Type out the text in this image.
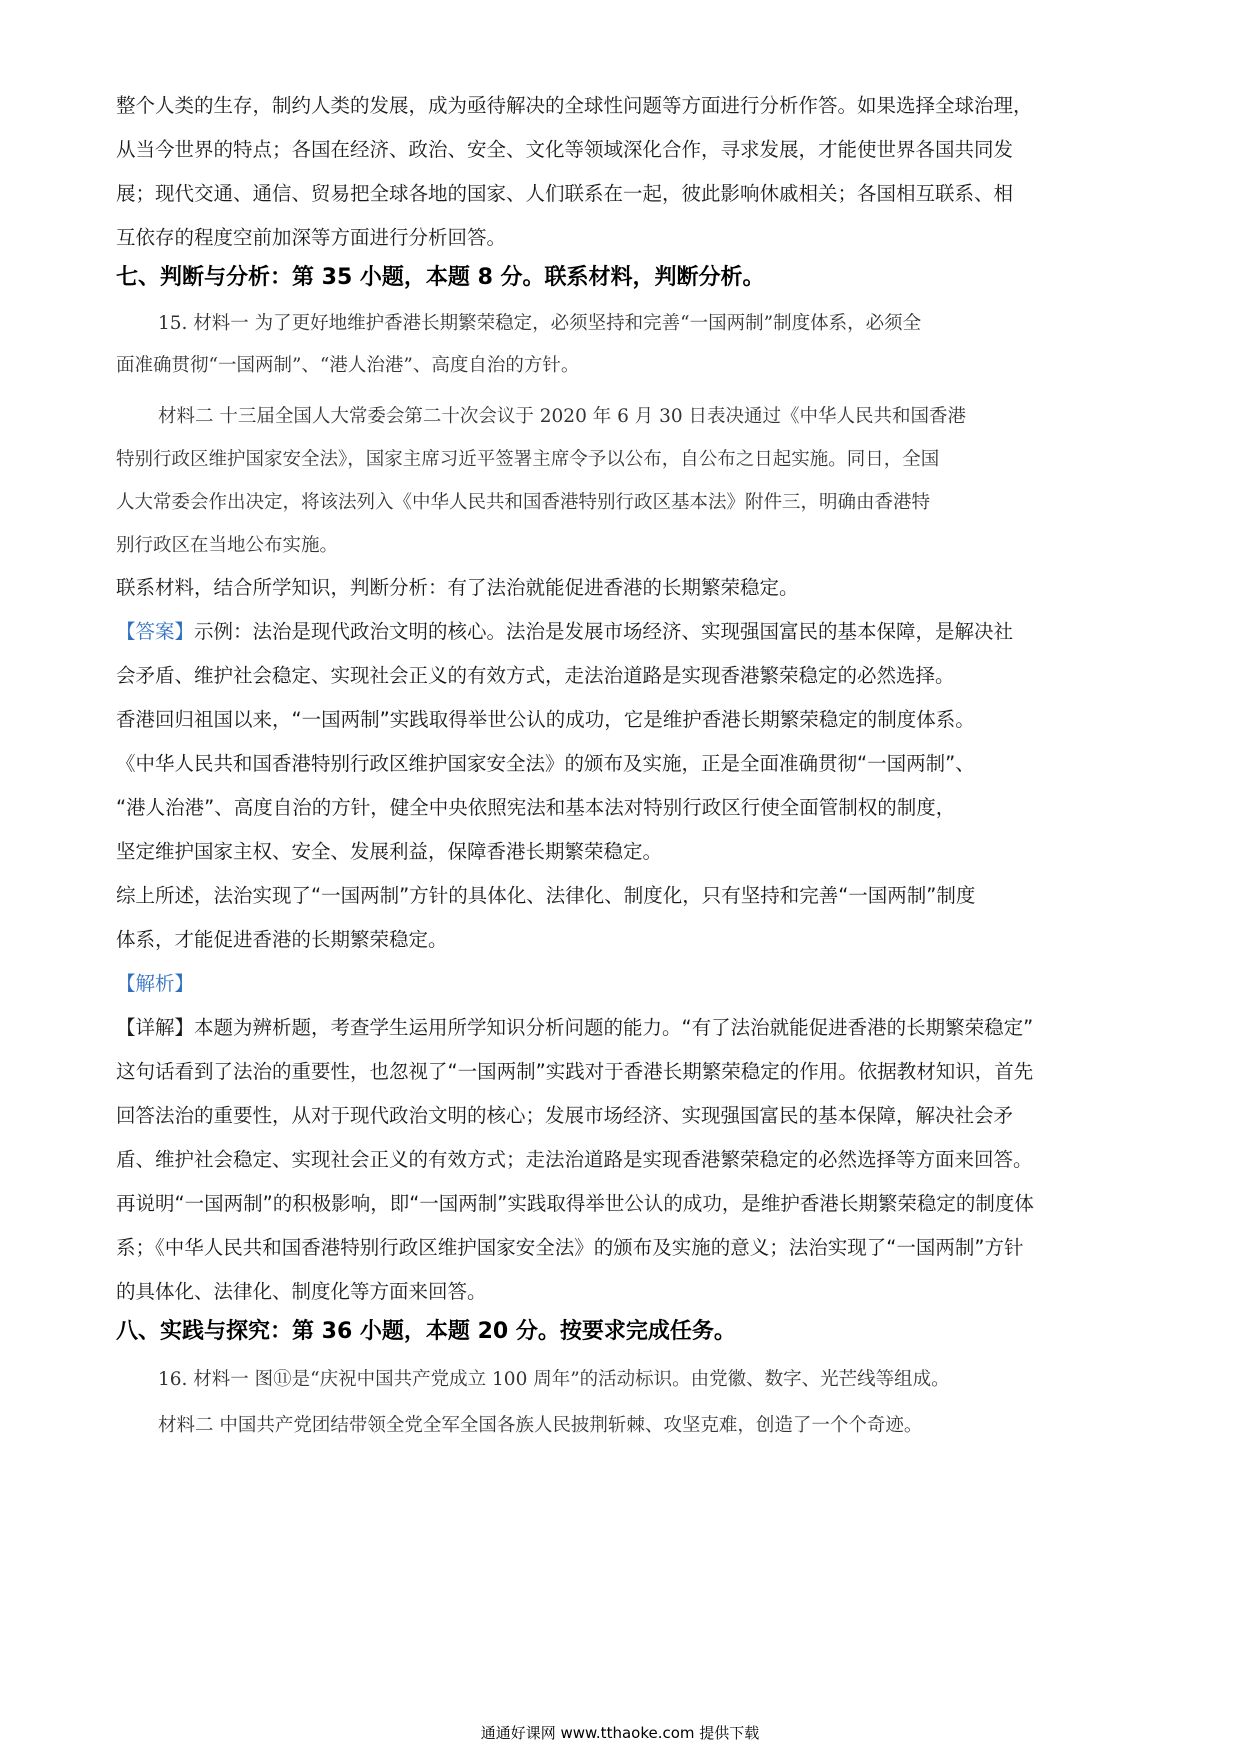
整个人类的生存，制约人类的发展，成为亟待解决的全球性问题等方面进行分析作答。如果选择全球治理，
从当今世界的特点；各国在经济、政治、安全、文化等领域深化合作，寻求发展，才能使世界各国共同发
展；现代交通、通信、贸易把全球各地的国家、人们联系在一起，彼此影响休戚相关；各国相互联系、相
互依存的程度空前加深等方面进行分析回答。
七、判断与分析：第 35 小题，本题 8 分。联系材料，判断分析。
15. 材料一 为了更好地维护香港长期繁荣稳定，必须坚持和完善“一国两制”制度体系，必须全
面准确贯彻“一国两制”、“港人治港”、高度自治的方针。
材料二 十三届全国人大常委会第二十次会议于 2020 年 6 月 30 日表决通过《中华人民共和国香港
特别行政区维护国家安全法》，国家主席习近平签署主席令予以公布，自公布之日起实施。同日，全国
人大常委会作出决定，将该法列入《中华人民共和国香港特别行政区基本法》附件三，明确由香港特
别行政区在当地公布实施。
联系材料，结合所学知识，判断分析：有了法治就能促进香港的长期繁荣稳定。
【答案】示例：法治是现代政治文明的核心。法治是发展市场经济、实现强国富民的基本保障，是解决社
会矛盾、维护社会稳定、实现社会正义的有效方式，走法治道路是实现香港繁荣稳定的必然选择。
香港回归祖国以来，“一国两制”实践取得举世公认的成功，它是维护香港长期繁荣稳定的制度体系。
《中华人民共和国香港特别行政区维护国家安全法》的颁布及实施，正是全面准确贯彻“一国两制”、
“港人治港”、高度自治的方针，健全中央依照宪法和基本法对特别行政区行使全面管制权的制度，
坚定维护国家主权、安全、发展利益，保障香港长期繁荣稳定。
综上所述，法治实现了“一国两制”方针的具体化、法律化、制度化，只有坚持和完善“一国两制”制度
体系，才能促进香港的长期繁荣稳定。
【解析】
【详解】本题为辨析题，考查学生运用所学知识分析问题的能力。“有了法治就能促进香港的长期繁荣稳定”
这句话看到了法治的重要性，也忽视了“一国两制”实践对于香港长期繁荣稳定的作用。依据教材知识，首先
回答法治的重要性，从对于现代政治文明的核心；发展市场经济、实现强国富民的基本保障，解决社会矛
盾、维护社会稳定、实现社会正义的有效方式；走法治道路是实现香港繁荣稳定的必然选择等方面来回答。
再说明“一国两制”的积极影响，即“一国两制”实践取得举世公认的成功，是维护香港长期繁荣稳定的制度体
系；《中华人民共和国香港特别行政区维护国家安全法》的颁布及实施的意义；法治实现了“一国两制”方针
的具体化、法律化、制度化等方面来回答。
八、实践与探究：第 36 小题，本题 20 分。按要求完成任务。
16. 材料一 图⑪是“庆祝中国共产党成立 100 周年”的活动标识。由党徽、数字、光芒线等组成。
材料二 中国共产党团结带领全党全军全国各族人民披荆斩棘、攻坚克难，创造了一个个奇迹。
通通好课网 www.tthaoke.com 提供下载
